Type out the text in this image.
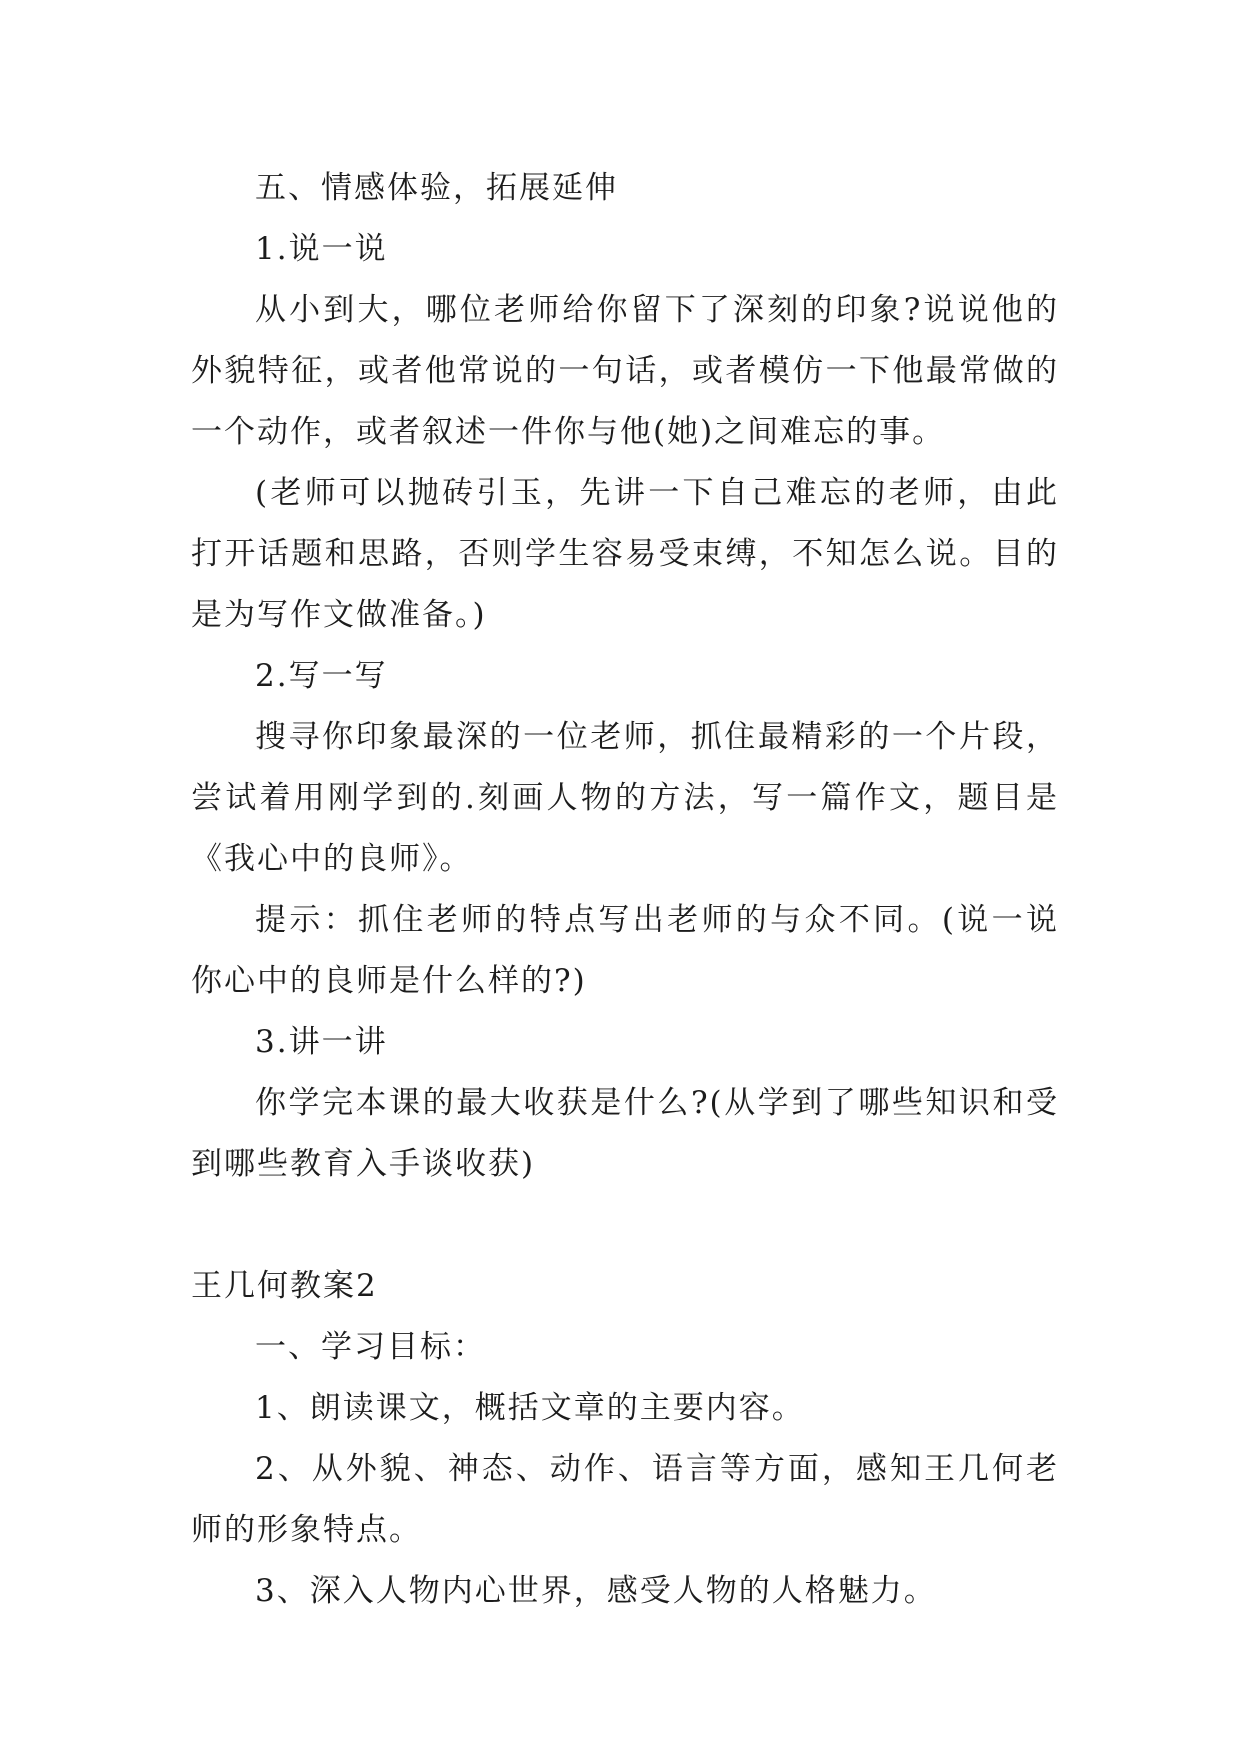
五、情感体验，拓展延伸

1.说一说

从小到大，哪位老师给你留下了深刻的印象?说说他的外貌特征，或者他常说的一句话，或者模仿一下他最常做的一个动作，或者叙述一件你与他(她)之间难忘的事。

(老师可以抛砖引玉，先讲一下自己难忘的老师，由此打开话题和思路，否则学生容易受束缚，不知怎么说。目的是为写作文做准备。)

2.写一写

搜寻你印象最深的一位老师，抓住最精彩的一个片段，尝试着用刚学到的.刻画人物的方法，写一篇作文，题目是《我心中的良师》。

提示：抓住老师的特点写出老师的与众不同。(说一说你心中的良师是什么样的?)

3.讲一讲

你学完本课的最大收获是什么?(从学到了哪些知识和受到哪些教育入手谈收获)

王几何教案2

一、学习目标：

1、朗读课文，概括文章的主要内容。

2、从外貌、神态、动作、语言等方面，感知王几何老师的形象特点。

3、深入人物内心世界，感受人物的人格魅力。
